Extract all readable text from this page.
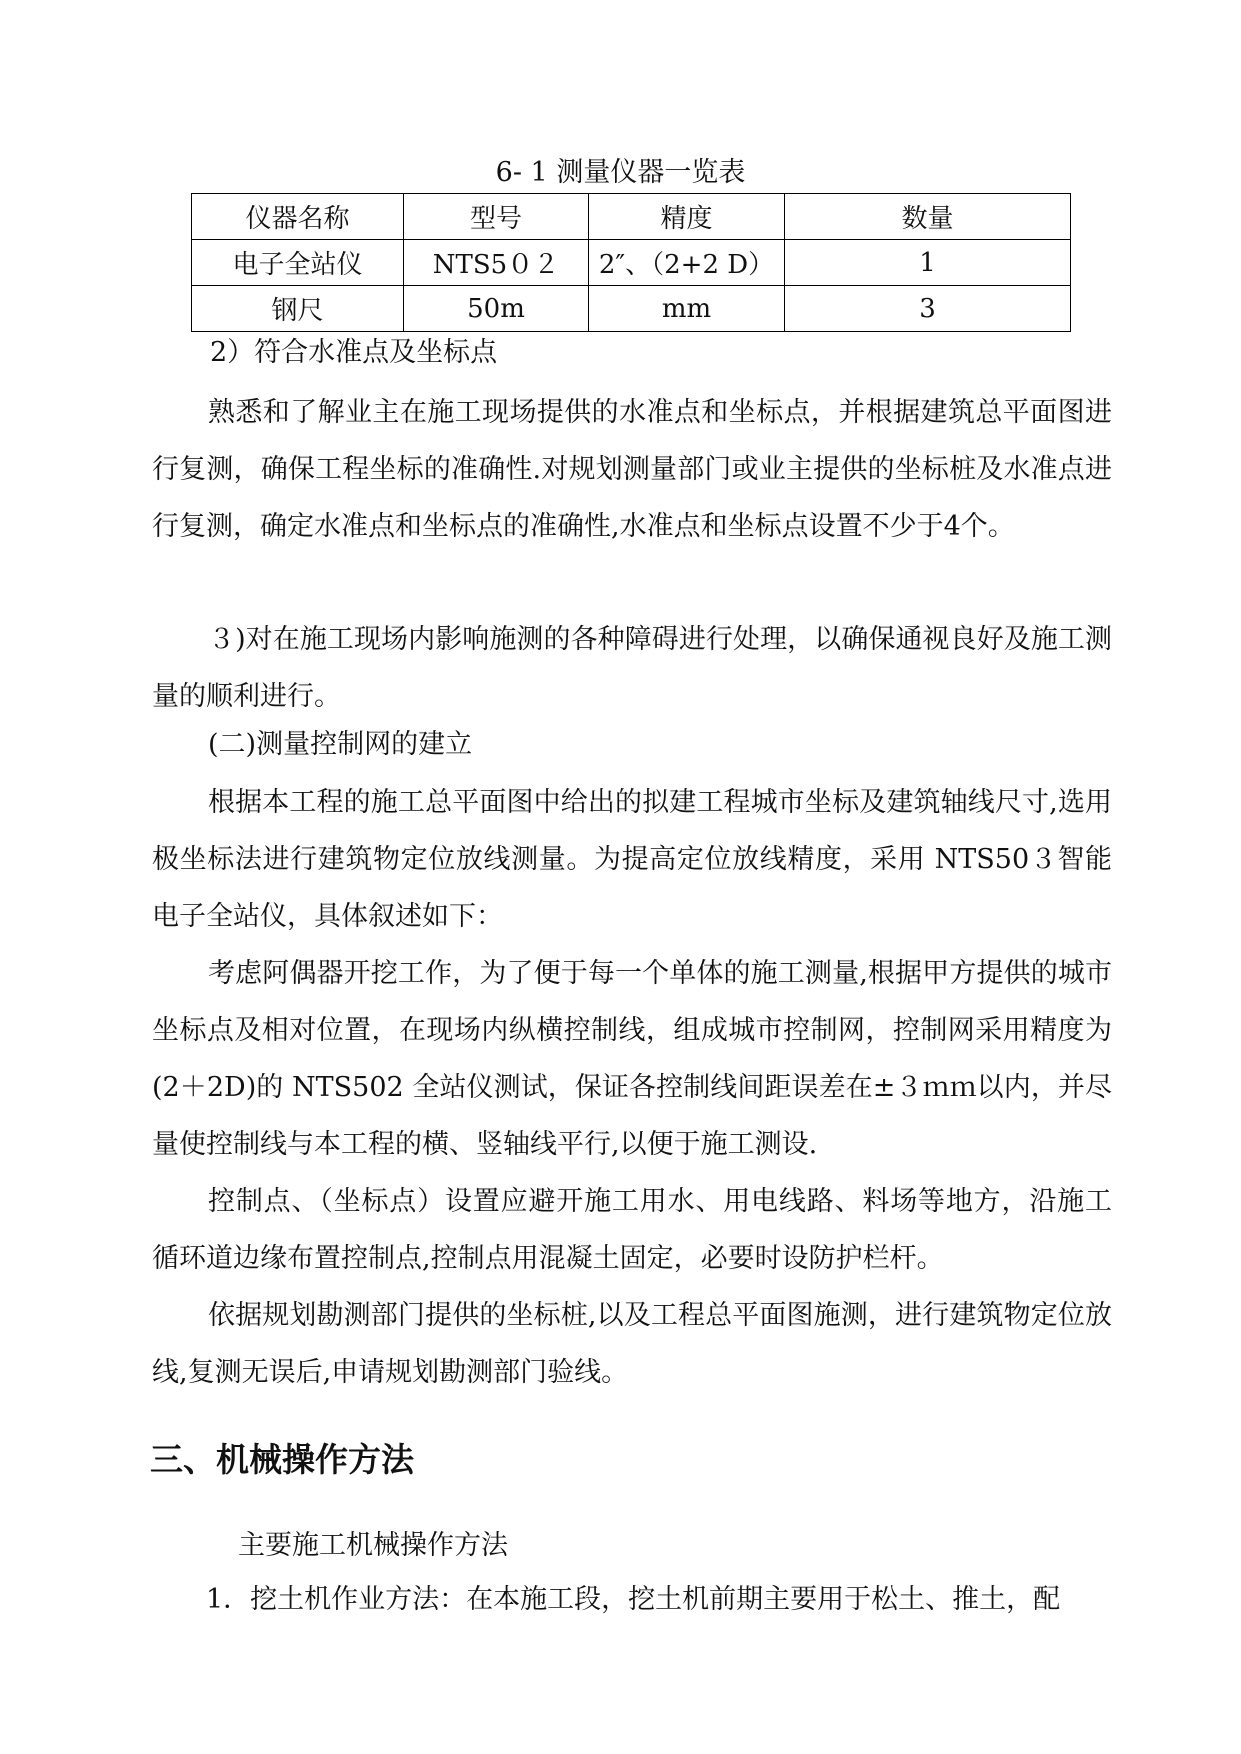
6- 1 测量仪器一览表
仪器名称	型号	精度	数量
电子全站仪	NTS5０２	2″、（2+2 D）	1
钢尺	50m	mm	3
2）符合水准点及坐标点

熟悉和了解业主在施工现场提供的水准点和坐标点，并根据建筑总平面图进行复测，确保工程坐标的准确性.对规划测量部门或业主提供的坐标桩及水准点进行复测，确定水准点和坐标点的准确性,水准点和坐标点设置不少于4个。

３)对在施工现场内影响施测的各种障碍进行处理，以确保通视良好及施工测量的顺利进行。

(二)测量控制网的建立

根据本工程的施工总平面图中给出的拟建工程城市坐标及建筑轴线尺寸,选用极坐标法进行建筑物定位放线测量。为提高定位放线精度，采用 NTS50３智能电子全站仪，具体叙述如下：

考虑阿偶器开挖工作，为了便于每一个单体的施工测量,根据甲方提供的城市坐标点及相对位置，在现场内纵横控制线，组成城市控制网，控制网采用精度为(2＋2D)的 NTS502 全站仪测试，保证各控制线间距误差在±３ｍｍ以内，并尽量使控制线与本工程的横、竖轴线平行,以便于施工测设.

控制点、（坐标点）设置应避开施工用水、用电线路、料场等地方，沿施工循环道边缘布置控制点,控制点用混凝土固定，必要时设防护栏杆。

依据规划勘测部门提供的坐标桩,以及工程总平面图施测，进行建筑物定位放线,复测无误后,申请规划勘测部门验线。

三、机械操作方法
主要施工机械操作方法
1．挖土机作业方法：在本施工段，挖土机前期主要用于松土、推土，配
